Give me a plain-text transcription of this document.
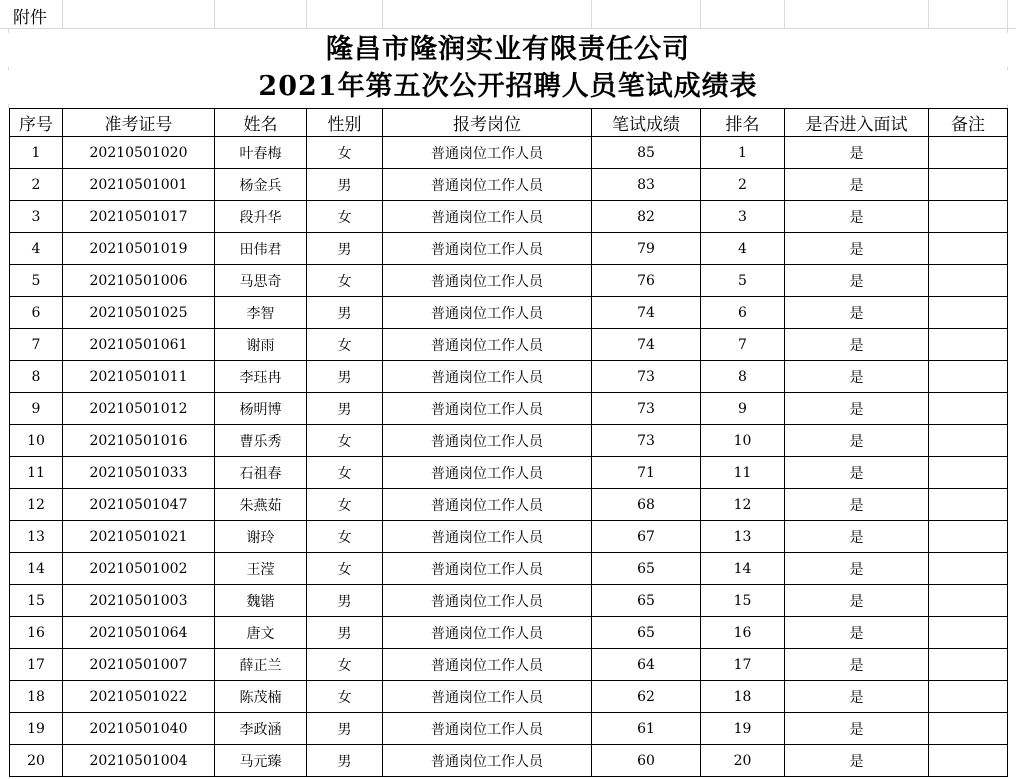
附件
隆昌市隆润实业有限责任公司
2021年第五次公开招聘人员笔试成绩表
序号	准考证号	姓名	性别	报考岗位	笔试成绩	排名	是否进入面试	备注
1	20210501020	叶春梅	女	普通岗位工作人员	85	1	是	
2	20210501001	杨金兵	男	普通岗位工作人员	83	2	是	
3	20210501017	段升华	女	普通岗位工作人员	82	3	是	
4	20210501019	田伟君	男	普通岗位工作人员	79	4	是	
5	20210501006	马思奇	女	普通岗位工作人员	76	5	是	
6	20210501025	李智	男	普通岗位工作人员	74	6	是	
7	20210501061	谢雨	女	普通岗位工作人员	74	7	是	
8	20210501011	李珏冉	男	普通岗位工作人员	73	8	是	
9	20210501012	杨明博	男	普通岗位工作人员	73	9	是	
10	20210501016	曹乐秀	女	普通岗位工作人员	73	10	是	
11	20210501033	石祖春	女	普通岗位工作人员	71	11	是	
12	20210501047	朱燕茹	女	普通岗位工作人员	68	12	是	
13	20210501021	谢玲	女	普通岗位工作人员	67	13	是	
14	20210501002	王滢	女	普通岗位工作人员	65	14	是	
15	20210501003	魏锴	男	普通岗位工作人员	65	15	是	
16	20210501064	唐文	男	普通岗位工作人员	65	16	是	
17	20210501007	薛正兰	女	普通岗位工作人员	64	17	是	
18	20210501022	陈茂楠	女	普通岗位工作人员	62	18	是	
19	20210501040	李政涵	男	普通岗位工作人员	61	19	是	
20	20210501004	马元臻	男	普通岗位工作人员	60	20	是	
